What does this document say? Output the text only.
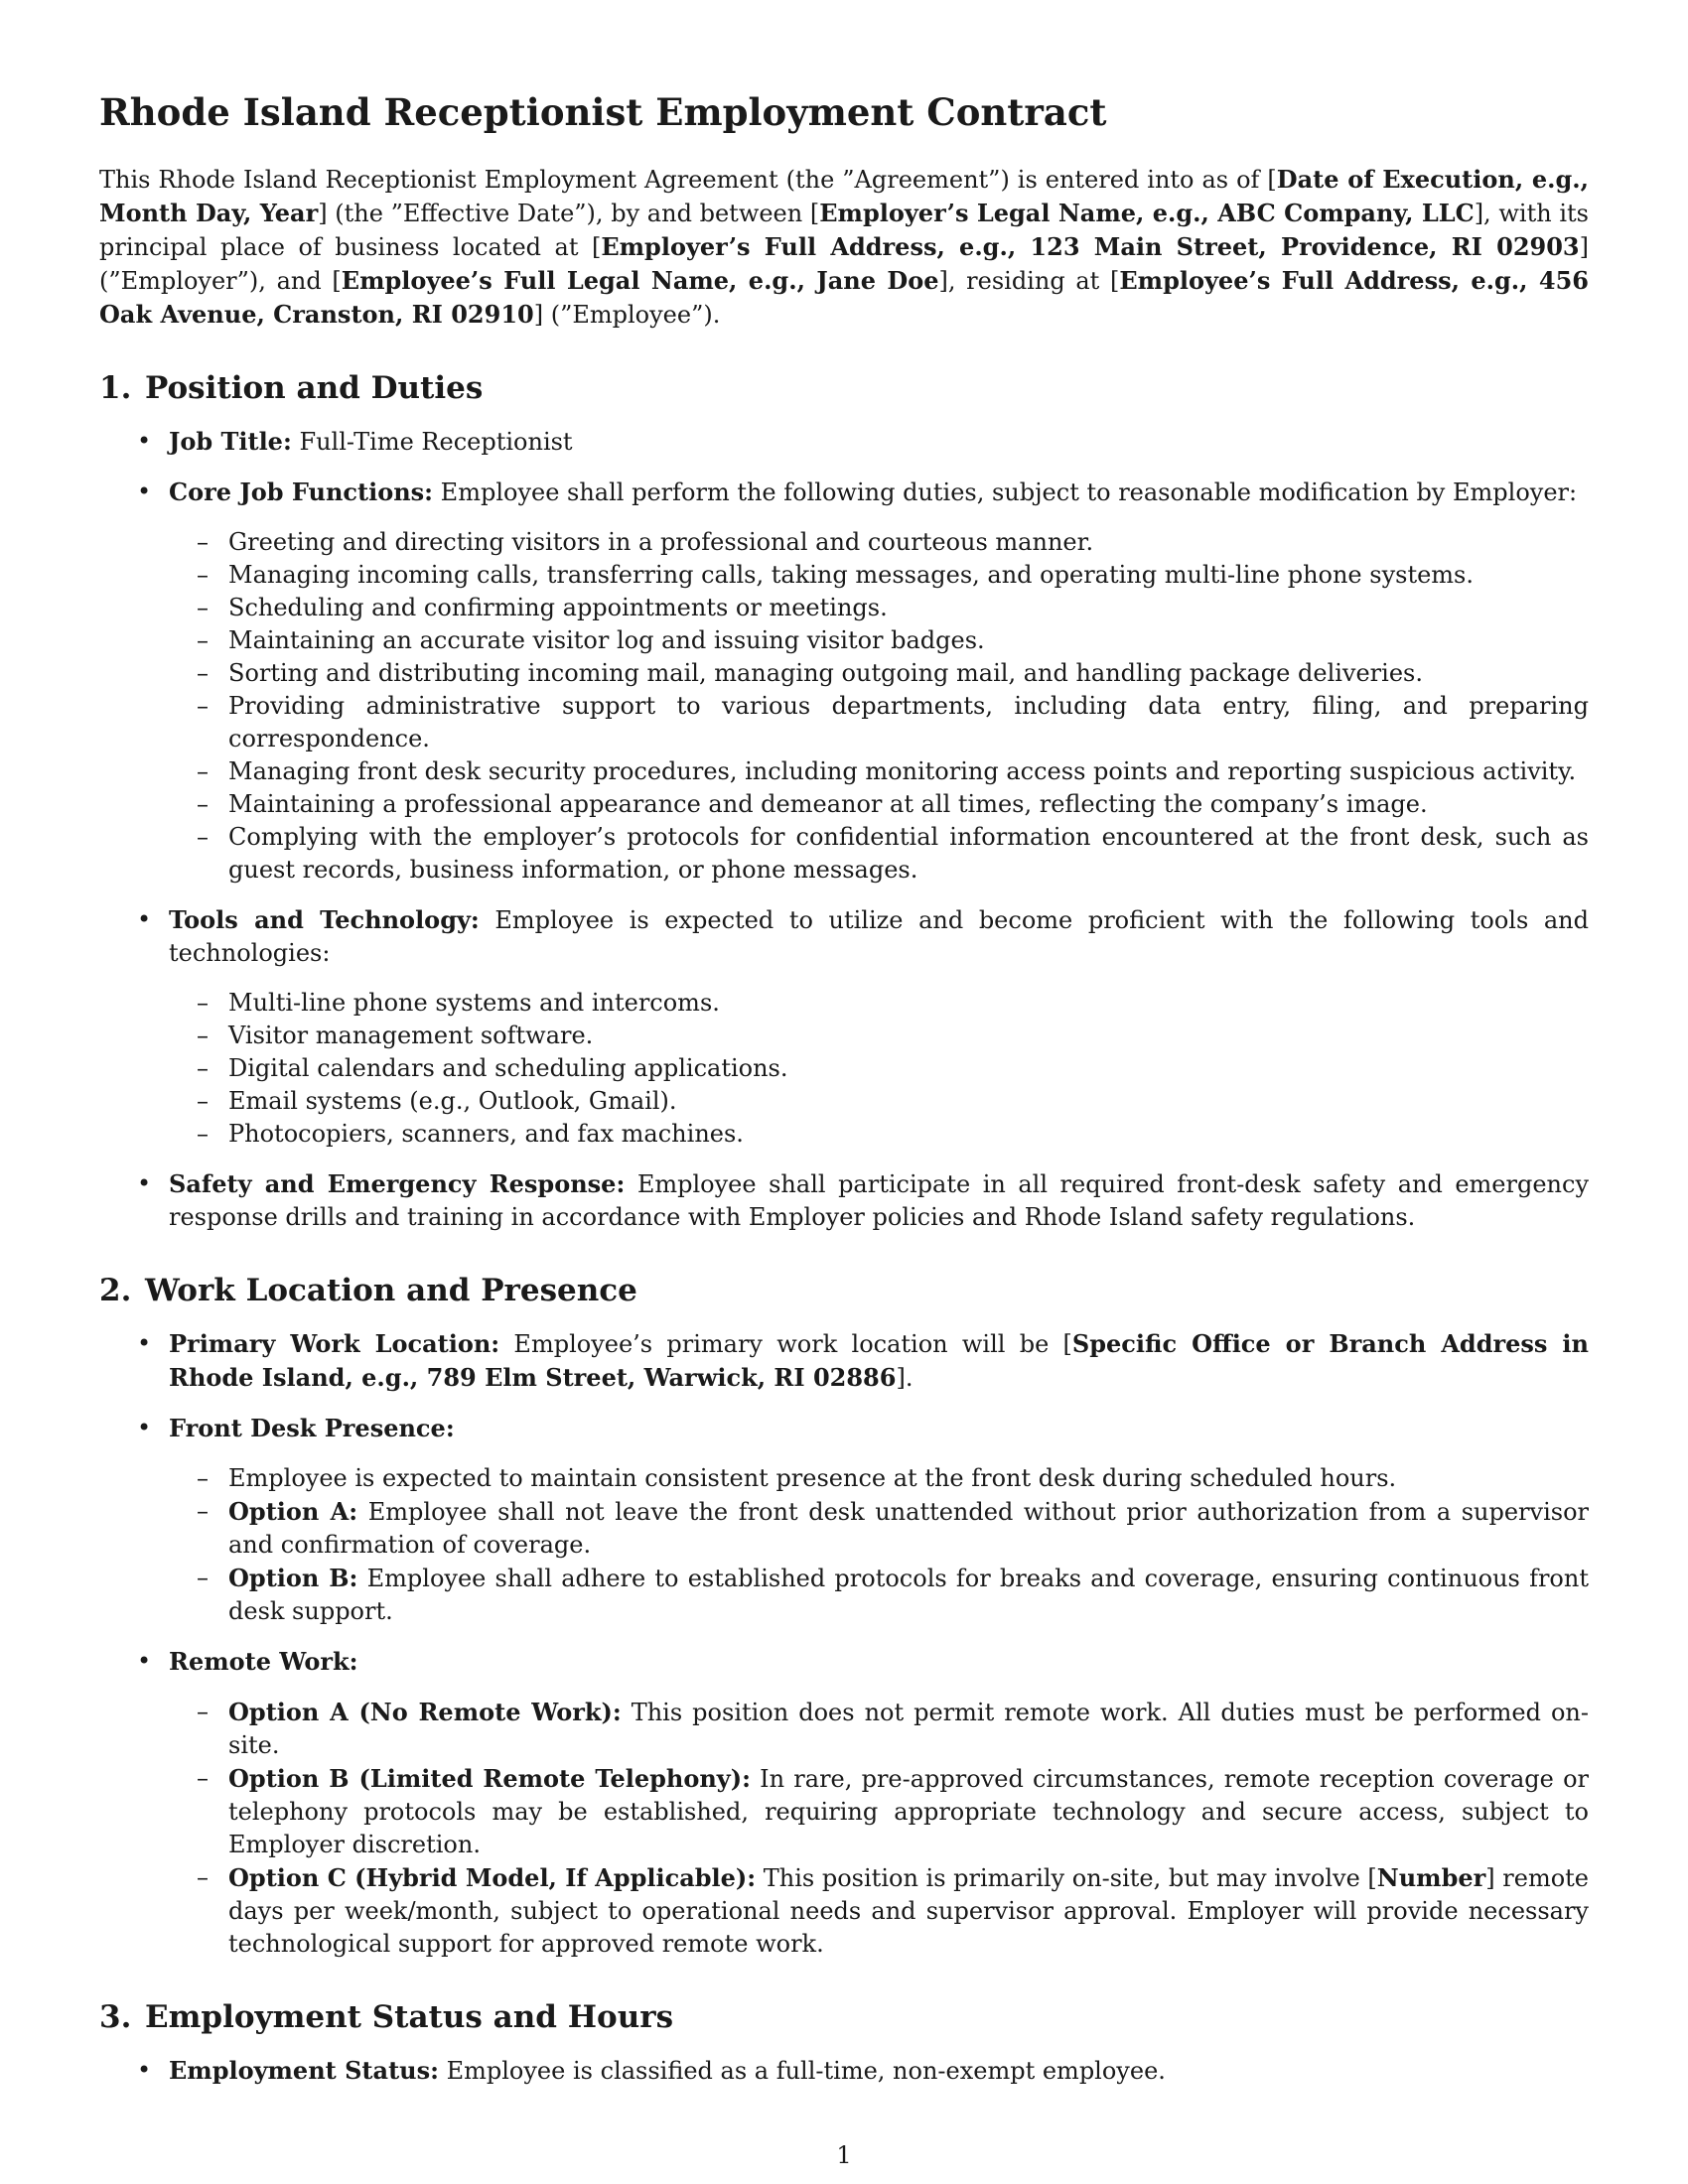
Rhode Island Receptionist Employment Contract

This Rhode Island Receptionist Employment Agreement (the ”Agreement”) is entered into as of [Date of Execution, e.g., Month Day, Year] (the ”Effective Date”), by and between [Employer’s Legal Name, e.g., ABC Company, LLC], with its principal place of business located at [Employer’s Full Address, e.g., 123 Main Street, Providence, RI 02903] (”Employer”), and [Employee’s Full Legal Name, e.g., Jane Doe], residing at [Employee’s Full Address, e.g., 456 Oak Avenue, Cranston, RI 02910] (”Employee”).

1. Position and Duties
• Job Title: Full-Time Receptionist
• Core Job Functions: Employee shall perform the following duties, subject to reasonable modification by Employer:
– Greeting and directing visitors in a professional and courteous manner.
– Managing incoming calls, transferring calls, taking messages, and operating multi-line phone systems.
– Scheduling and confirming appointments or meetings.
– Maintaining an accurate visitor log and issuing visitor badges.
– Sorting and distributing incoming mail, managing outgoing mail, and handling package deliveries.
– Providing administrative support to various departments, including data entry, filing, and preparing correspondence.
– Managing front desk security procedures, including monitoring access points and reporting suspicious activity.
– Maintaining a professional appearance and demeanor at all times, reflecting the company’s image.
– Complying with the employer’s protocols for confidential information encountered at the front desk, such as guest records, business information, or phone messages.
• Tools and Technology: Employee is expected to utilize and become proficient with the following tools and technologies:
– Multi-line phone systems and intercoms.
– Visitor management software.
– Digital calendars and scheduling applications.
– Email systems (e.g., Outlook, Gmail).
– Photocopiers, scanners, and fax machines.
• Safety and Emergency Response: Employee shall participate in all required front-desk safety and emergency response drills and training in accordance with Employer policies and Rhode Island safety regulations.
2. Work Location and Presence
• Primary Work Location: Employee’s primary work location will be [Specific Office or Branch Address in Rhode Island, e.g., 789 Elm Street, Warwick, RI 02886].
• Front Desk Presence:
– Employee is expected to maintain consistent presence at the front desk during scheduled hours.
– Option A: Employee shall not leave the front desk unattended without prior authorization from a supervisor and confirmation of coverage.
– Option B: Employee shall adhere to established protocols for breaks and coverage, ensuring continuous front desk support.
• Remote Work:
– Option A (No Remote Work): This position does not permit remote work. All duties must be performed on-site.
– Option B (Limited Remote Telephony): In rare, pre-approved circumstances, remote reception coverage or telephony protocols may be established, requiring appropriate technology and secure access, subject to Employer discretion.
– Option C (Hybrid Model, If Applicable): This position is primarily on-site, but may involve [Number] remote days per week/month, subject to operational needs and supervisor approval. Employer will provide necessary technological support for approved remote work.
3. Employment Status and Hours
• Employment Status: Employee is classified as a full-time, non-exempt employee.
1
